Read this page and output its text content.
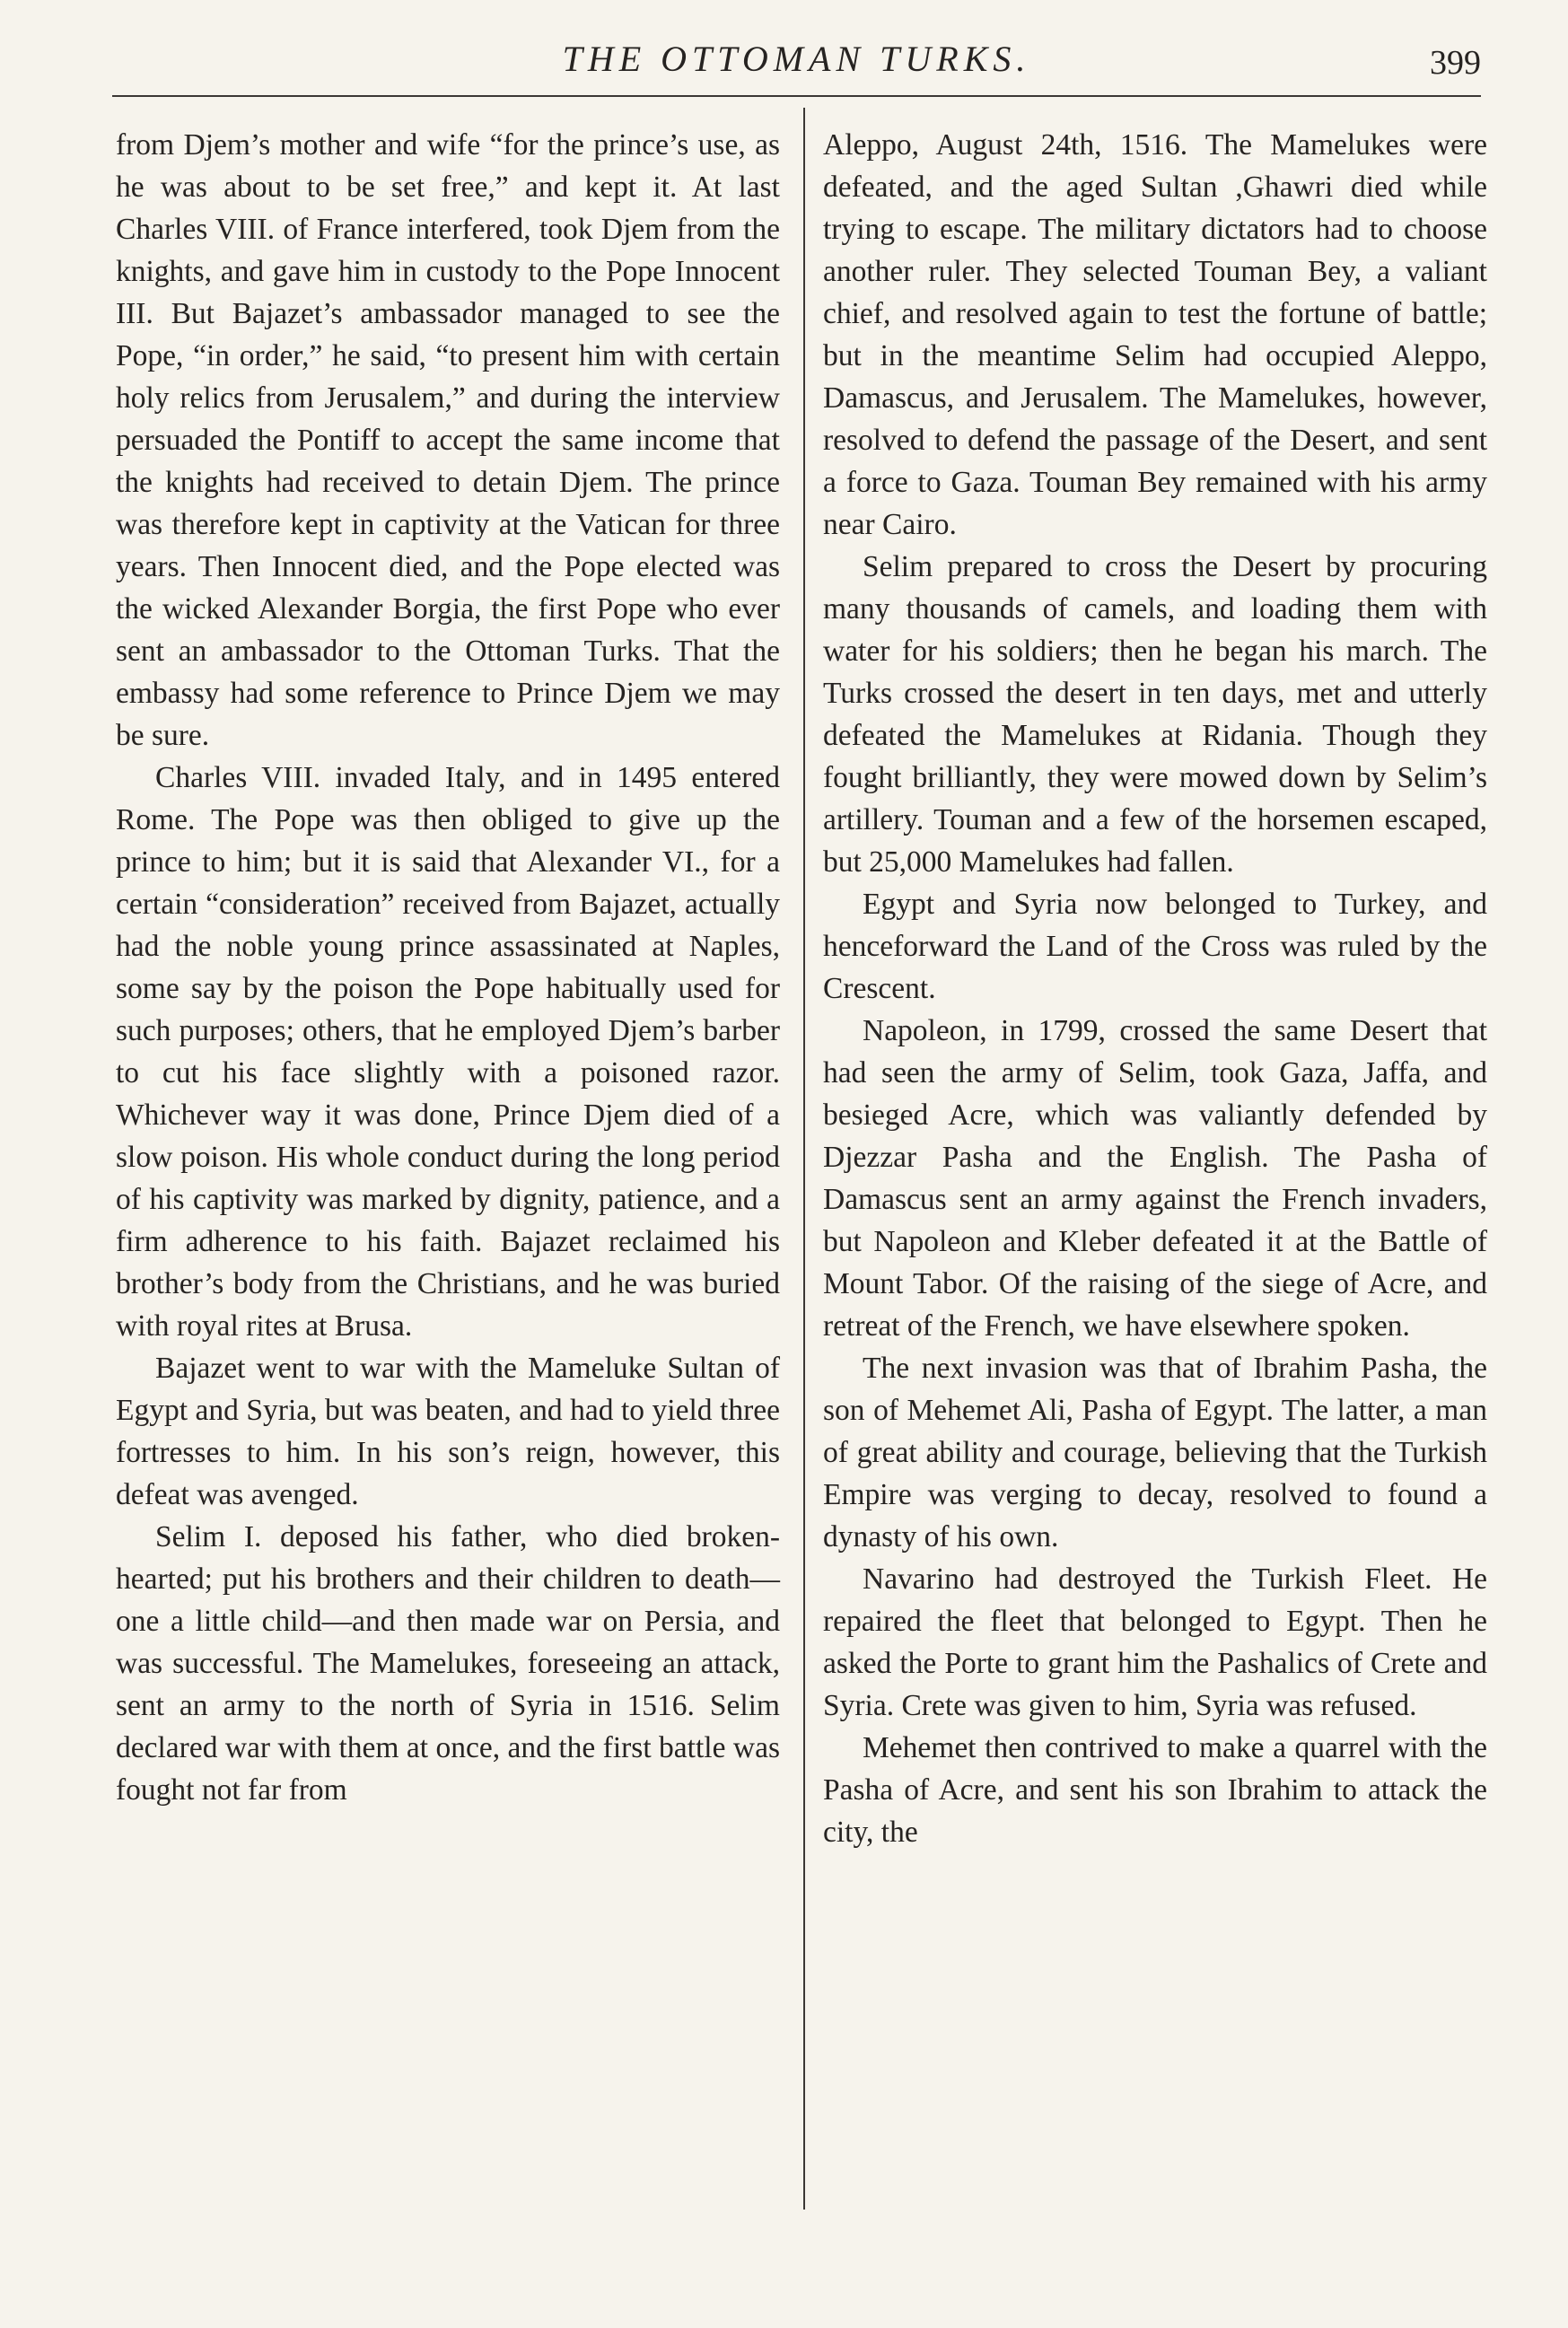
THE OTTOMAN TURKS.	399

from Djem’s mother and wife “for the prince’s use, as he was about to be set free,” and kept it. At last Charles VIII. of France interfered, took Djem from the knights, and gave him in custody to the Pope Innocent III. But Bajazet’s ambassador managed to see the Pope, “in order,” he said, “to present him with certain holy relics from Jerusalem,” and during the interview persuaded the Pontiff to accept the same income that the knights had received to detain Djem. The prince was therefore kept in captivity at the Vatican for three years. Then Innocent died, and the Pope elected was the wicked Alexander Borgia, the first Pope who ever sent an ambassador to the Ottoman Turks. That the embassy had some reference to Prince Djem we may be sure.

Charles VIII. invaded Italy, and in 1495 entered Rome. The Pope was then obliged to give up the prince to him; but it is said that Alexander VI., for a certain “consideration” received from Bajazet, actually had the noble young prince assassinated at Naples, some say by the poison the Pope habitually used for such purposes; others, that he employed Djem’s barber to cut his face slightly with a poisoned razor. Whichever way it was done, Prince Djem died of a slow poison. His whole conduct during the long period of his captivity was marked by dignity, patience, and a firm adherence to his faith. Bajazet reclaimed his brother’s body from the Christians, and he was buried with royal rites at Brusa.

Bajazet went to war with the Mameluke Sultan of Egypt and Syria, but was beaten, and had to yield three fortresses to him. In his son’s reign, however, this defeat was avenged.

Selim I. deposed his father, who died broken-hearted; put his brothers and their children to death—one a little child—and then made war on Persia, and was successful. The Mamelukes, foreseeing an attack, sent an army to the north of Syria in 1516. Selim declared war with them at once, and the first battle was fought not far from

Aleppo, August 24th, 1516. The Mamelukes were defeated, and the aged Sultan ,Ghawri died while trying to escape. The military dictators had to choose another ruler. They selected Touman Bey, a valiant chief, and resolved again to test the fortune of battle; but in the meantime Selim had occupied Aleppo, Damascus, and Jerusalem. The Mamelukes, however, resolved to defend the passage of the Desert, and sent a force to Gaza. Touman Bey remained with his army near Cairo.

Selim prepared to cross the Desert by procuring many thousands of camels, and loading them with water for his soldiers; then he began his march. The Turks crossed the desert in ten days, met and utterly defeated the Mamelukes at Ridania. Though they fought brilliantly, they were mowed down by Selim’s artillery. Touman and a few of the horsemen escaped, but 25,000 Mamelukes had fallen.

Egypt and Syria now belonged to Turkey, and henceforward the Land of the Cross was ruled by the Crescent.

Napoleon, in 1799, crossed the same Desert that had seen the army of Selim, took Gaza, Jaffa, and besieged Acre, which was valiantly defended by Djezzar Pasha and the English. The Pasha of Damascus sent an army against the French invaders, but Napoleon and Kleber defeated it at the Battle of Mount Tabor. Of the raising of the siege of Acre, and retreat of the French, we have elsewhere spoken.

The next invasion was that of Ibrahim Pasha, the son of Mehemet Ali, Pasha of Egypt. The latter, a man of great ability and courage, believing that the Turkish Empire was verging to decay, resolved to found a dynasty of his own.

Navarino had destroyed the Turkish Fleet. He repaired the fleet that belonged to Egypt. Then he asked the Porte to grant him the Pashalics of Crete and Syria. Crete was given to him, Syria was refused.

Mehemet then contrived to make a quarrel with the Pasha of Acre, and sent his son Ibrahim to attack the city, the
